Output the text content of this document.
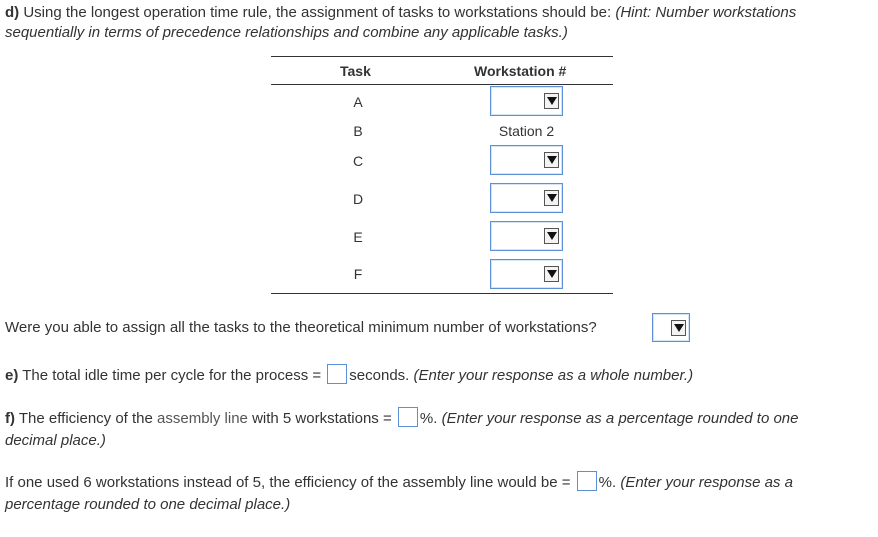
d) Using the longest operation time rule, the assignment of tasks to workstations should be: (Hint: Number workstations
sequentially in terms of precedence relationships and combine any applicable tasks.)
Task	Workstation #
A
B	Station 2
C
D
E
F
Were you able to assign all the tasks to the theoretical minimum number of workstations?
e) The total idle time per cycle for the process = seconds. (Enter your response as a whole number.)
f) The efficiency of the assembly line with 5 workstations = %. (Enter your response as a percentage rounded to one
decimal place.)
If one used 6 workstations instead of 5, the efficiency of the assembly line would be = %. (Enter your response as a
percentage rounded to one decimal place.)
